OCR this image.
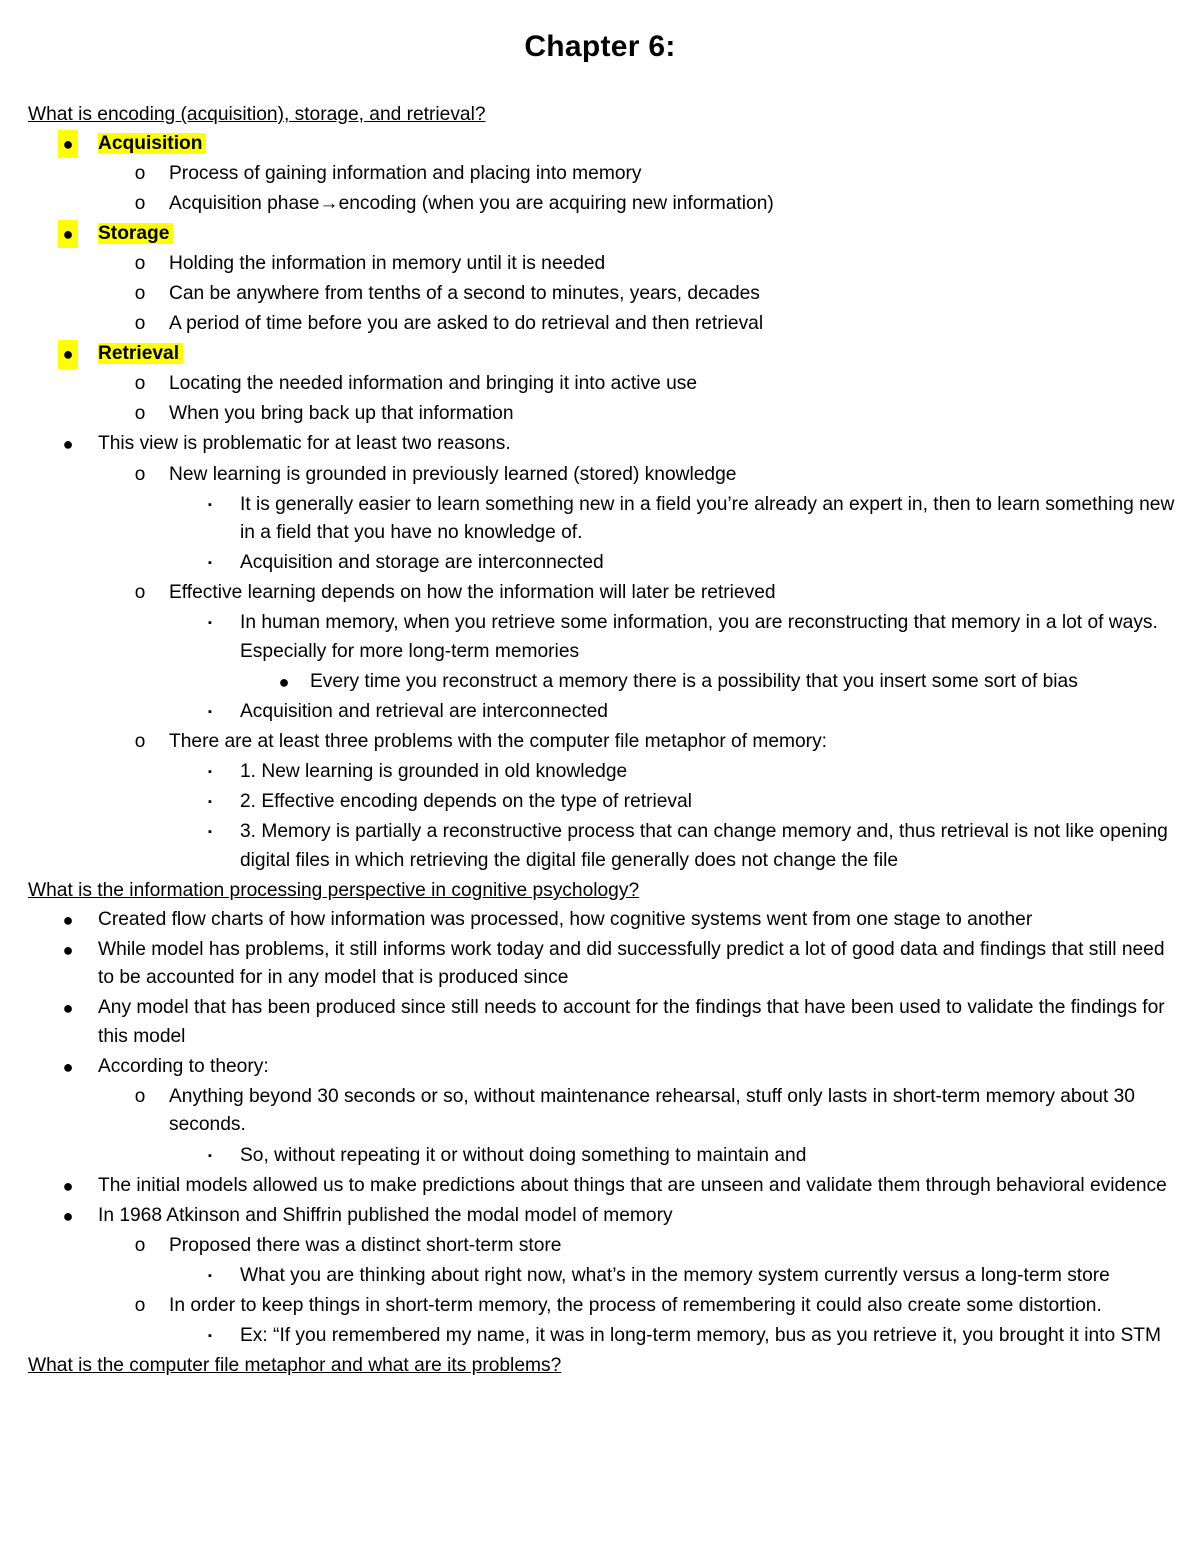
Chapter 6:
What is encoding (acquisition), storage, and retrieval?
● Acquisition
o Process of gaining information and placing into memory
o Acquisition phase→encoding (when you are acquiring new information)
● Storage
o Holding the information in memory until it is needed
o Can be anywhere from tenths of a second to minutes, years, decades
o A period of time before you are asked to do retrieval and then retrieval
● Retrieval
o Locating the needed information and bringing it into active use
o When you bring back up that information
● This view is problematic for at least two reasons.
o New learning is grounded in previously learned (stored) knowledge
▪	It is generally easier to learn something new in a field you’re already an expert in, then to learn something new in a field that you have no knowledge of.
▪	Acquisition and storage are interconnected
o Effective learning depends on how the information will later be retrieved
▪	In human memory, when you retrieve some information, you are reconstructing that memory in a lot of ways. Especially for more long-term memories
● Every time you reconstruct a memory there is a possibility that you insert some sort of bias
▪	Acquisition and retrieval are interconnected
o There are at least three problems with the computer file metaphor of memory:
▪	1. New learning is grounded in old knowledge
▪	2. Effective encoding depends on the type of retrieval
▪	3. Memory is partially a reconstructive process that can change memory and, thus retrieval is not like opening digital files in which retrieving the digital file generally does not change the file
What is the information processing perspective in cognitive psychology?
● Created flow charts of how information was processed, how cognitive systems went from one stage to another
● While model has problems, it still informs work today and did successfully predict a lot of good data and findings that still need to be accounted for in any model that is produced since
● Any model that has been produced since still needs to account for the findings that have been used to validate the findings for this model
● According to theory:
o Anything beyond 30 seconds or so, without maintenance rehearsal, stuff only lasts in short-term memory about 30 seconds.
▪	So, without repeating it or without doing something to maintain and
● The initial models allowed us to make predictions about things that are unseen and validate them through behavioral evidence
● In 1968 Atkinson and Shiffrin published the modal model of memory
o Proposed there was a distinct short-term store
▪	What you are thinking about right now, what’s in the memory system currently versus a long-term store
o In order to keep things in short-term memory, the process of remembering it could also create some distortion.
▪	Ex: “If you remembered my name, it was in long-term memory, bus as you retrieve it, you brought it into STM
What is the computer file metaphor and what are its problems?
